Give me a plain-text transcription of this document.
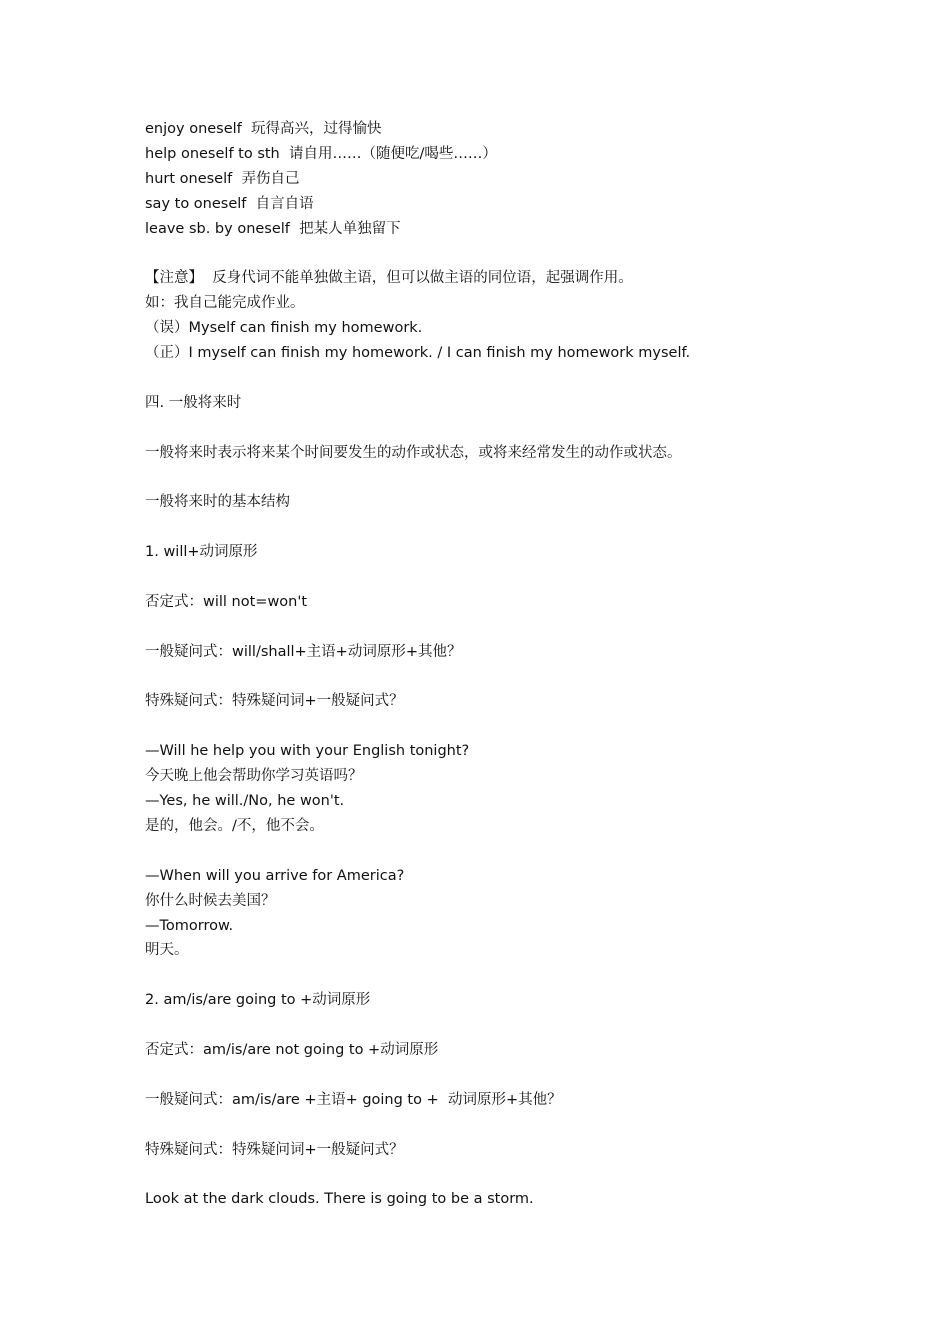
enjoy oneself  玩得高兴，过得愉快
help oneself to sth  请自用……（随便吃/喝些……）
hurt oneself  弄伤自己
say to oneself  自言自语
leave sb. by oneself  把某人单独留下
【注意】  反身代词不能单独做主语，但可以做主语的同位语，起强调作用。
如：我自己能完成作业。
（误）Myself can finish my homework.
（正）I myself can finish my homework. / I can finish my homework myself.
四. 一般将来时
一般将来时表示将来某个时间要发生的动作或状态，或将来经常发生的动作或状态。
一般将来时的基本结构
1. will+动词原形
否定式：will not=won't
一般疑问式：will/shall+主语+动词原形+其他？
特殊疑问式：特殊疑问词+一般疑问式？
—Will he help you with your English tonight?
今天晚上他会帮助你学习英语吗？
—Yes, he will./No, he won't.
是的，他会。/不，他不会。
—When will you arrive for America?
你什么时候去美国？
—Tomorrow.
明天。
2. am/is/are going to +动词原形
否定式：am/is/are not going to +动词原形
一般疑问式：am/is/are +主语+ going to +  动词原形+其他？
特殊疑问式：特殊疑问词+一般疑问式？
Look at the dark clouds. There is going to be a storm.
